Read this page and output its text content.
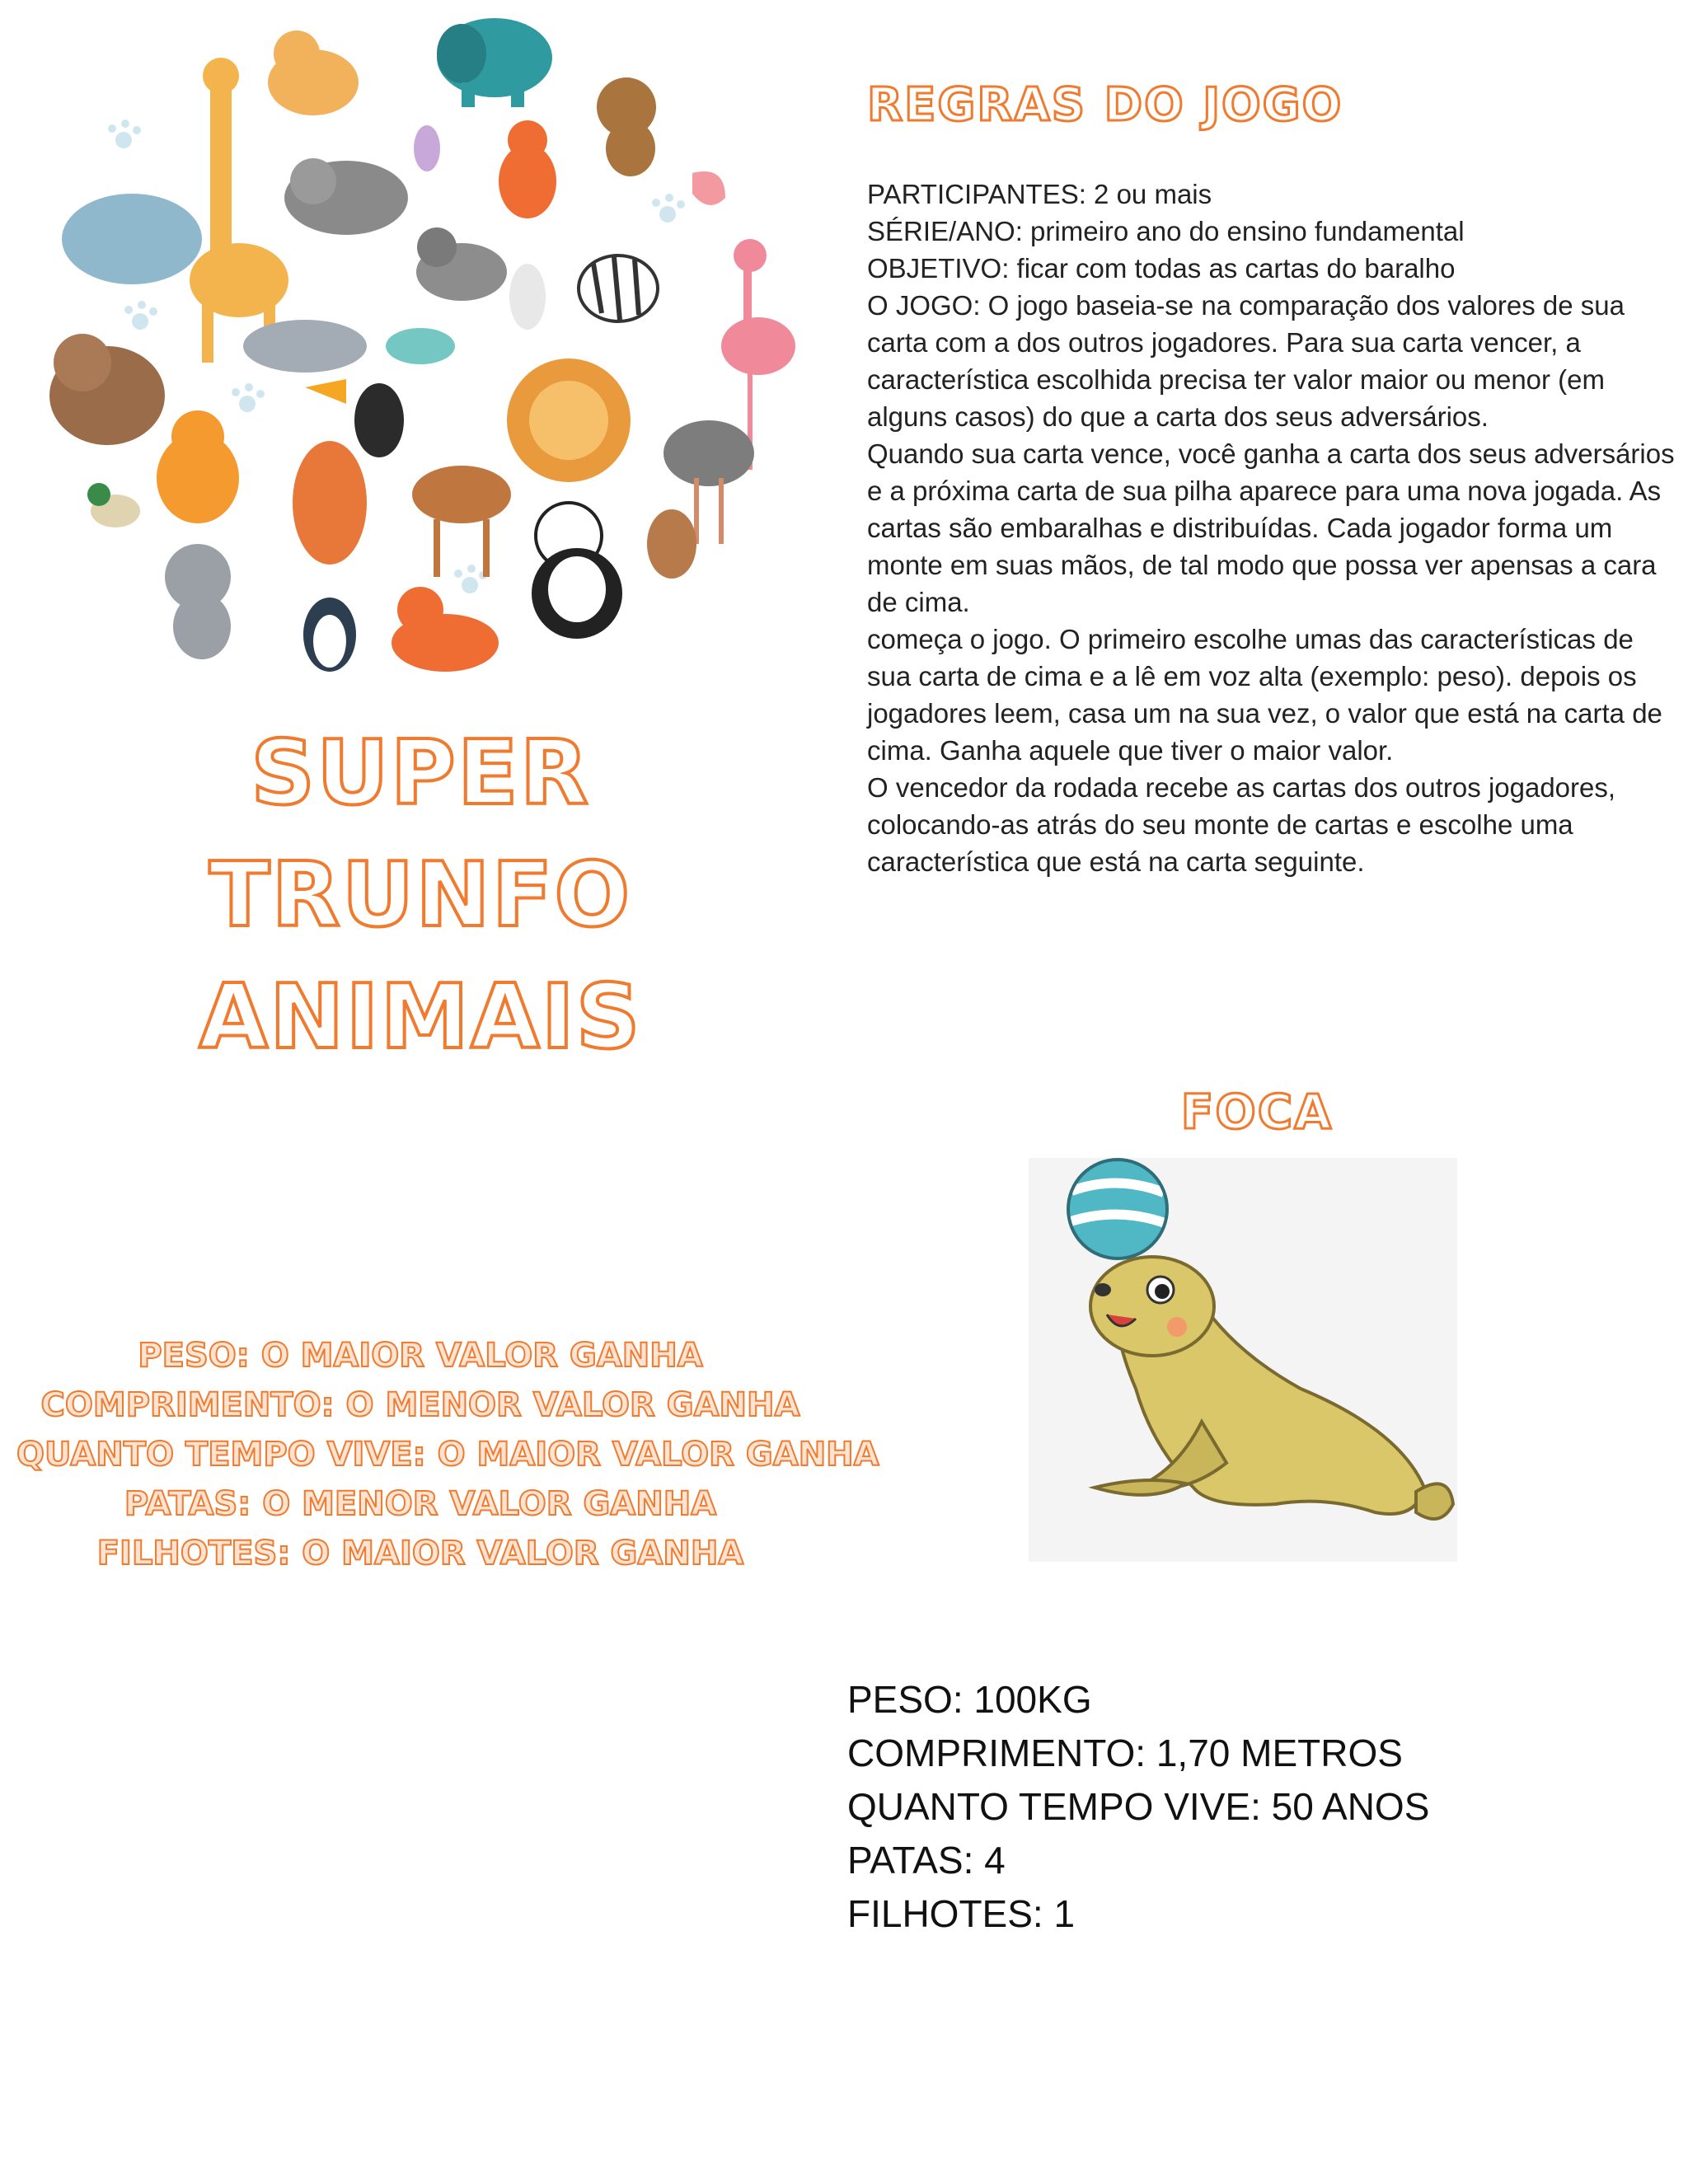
SUPER TRUNFO
ANIMAIS
REGRAS DO JOGO
PARTICIPANTES: 2 ou mais
SÉRIE/ANO: primeiro ano do ensino fundamental
OBJETIVO: ficar com todas as cartas do baralho
O JOGO: O jogo baseia-se na comparação dos valores de sua carta com a dos outros jogadores. Para sua carta vencer, a característica escolhida precisa ter valor maior ou menor (em alguns casos) do que a carta dos seus adversários.
Quando sua carta vence, você ganha a carta dos seus adversários e a próxima carta de sua pilha aparece para uma nova jogada. As cartas são embaralhas e distribuídas. Cada jogador forma um monte em suas mãos, de tal modo que possa ver apensas a cara de cima.
começa o jogo. O primeiro escolhe umas das características de sua carta de cima e a lê em voz alta (exemplo: peso). depois os jogadores leem, casa um na sua vez, o valor que está na carta de cima. Ganha aquele que tiver o maior valor.
O vencedor da rodada recebe as cartas dos outros jogadores, colocando-as atrás do seu monte de cartas e escolhe uma característica que está na carta seguinte.
PESO: O MAIOR VALOR GANHA
COMPRIMENTO: O MENOR VALOR GANHA
QUANTO TEMPO VIVE: O MAIOR VALOR GANHA
PATAS: O MENOR VALOR GANHA
FILHOTES: O MAIOR VALOR GANHA
FOCA
PESO: 100KG
COMPRIMENTO: 1,70 METROS
QUANTO TEMPO VIVE: 50 ANOS
PATAS: 4
FILHOTES: 1
